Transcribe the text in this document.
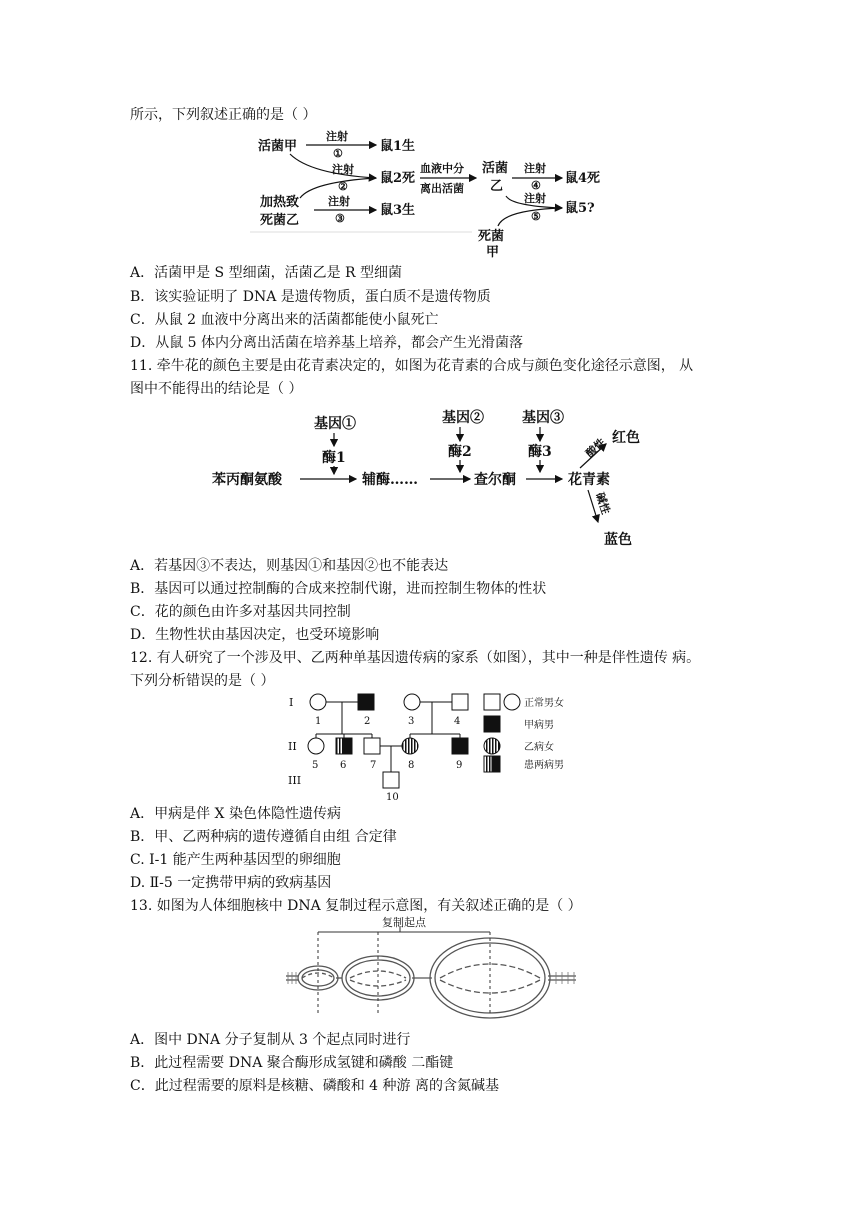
所示，下列叙述正确的是（ ）
活菌甲
注射
①	鼠1生
注射
②
鼠2死
加热致
死菌乙
注射
③
鼠3生
血液中分
离出活菌
活菌
乙
注射
④ 鼠4死
注射
⑤
鼠5?
死菌
甲
A．活菌甲是 S 型细菌，活菌乙是 R 型细菌
B．该实验证明了 DNA 是遗传物质，蛋白质不是遗传物质
C．从鼠 2 血液中分离出来的活菌都能使小鼠死亡
D．从鼠 5 体内分离出活菌在培养基上培养，都会产生光滑菌落
11. 牵牛花的颜色主要是由花青素决定的，如图为花青素的合成与颜色变化途径示意图， 从
图中不能得出的结论是（ ）
基因①
酶1
基因②
酶2
基因③
酶3
苯丙酮氨酸	辅酶……	查尔酮	花青素
酸性 红色
碱性
蓝色
A．若基因③不表达，则基因①和基因②也不能表达
B．基因可以通过控制酶的合成来控制代谢，进而控制生物体的性状
C．花的颜色由许多对基因共同控制
D．生物性状由基因决定，也受环境影响
12. 有人研究了一个涉及甲、乙两种单基因遗传病的家系（如图），其中一种是伴性遗传 病。
下列分析错误的是（ ）
I
II
III
1	2	3	4
5 6 7	8	9
10
正常男女
甲病男
乙病女
患两病男
A．甲病是伴 X 染色体隐性遗传病
B．甲、乙两种病的遗传遵循自由组 合定律
C. Ⅰ-1 能产生两种基因型的卵细胞
D. Ⅱ-5 一定携带甲病的致病基因
13. 如图为人体细胞核中 DNA 复制过程示意图，有关叙述正确的是（ ）
复制起点
A．图中 DNA 分子复制从 3 个起点同时进行
B．此过程需要 DNA 聚合酶形成氢键和磷酸 二酯键
C．此过程需要的原料是核糖、磷酸和 4 种游 离的含氮碱基
